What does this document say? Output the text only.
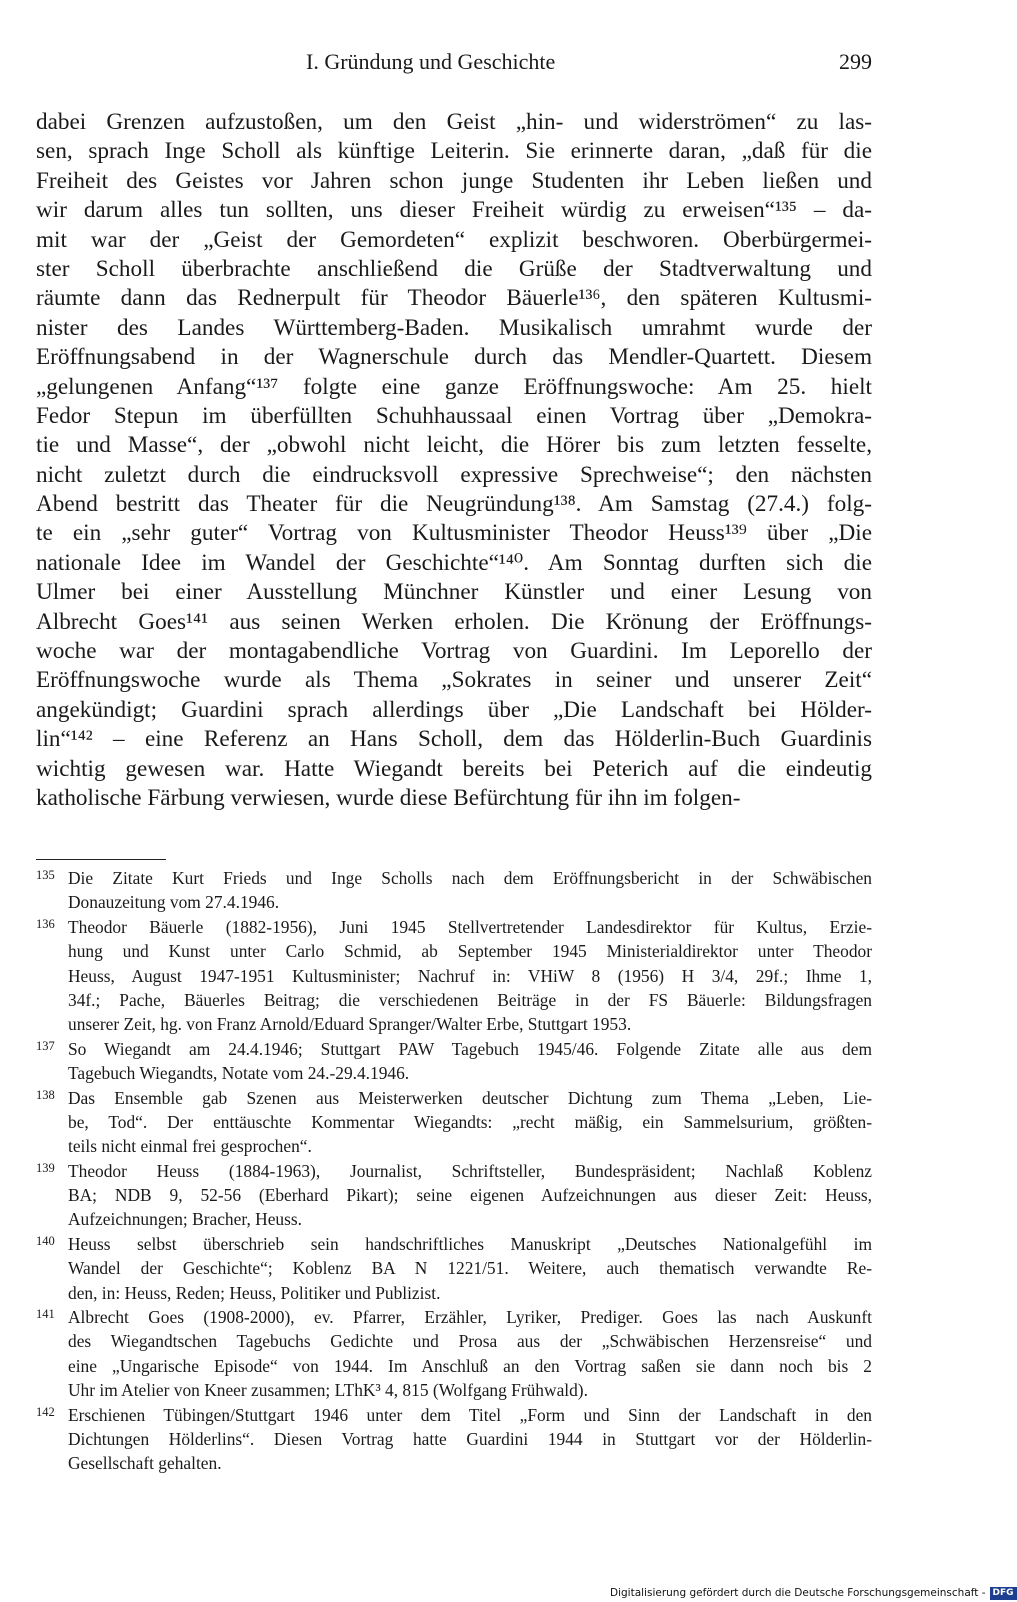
I. Gründung und Geschichte	299
dabei Grenzen aufzustoßen, um den Geist „hin- und widerströmen“ zu las-
sen, sprach Inge Scholl als künftige Leiterin. Sie erinnerte daran, „daß für die
Freiheit des Geistes vor Jahren schon junge Studenten ihr Leben ließen und
wir darum alles tun sollten, uns dieser Freiheit würdig zu erweisen“¹³⁵ – da-
mit war der „Geist der Gemordeten“ explizit beschworen. Oberbürgermei-
ster Scholl überbrachte anschließend die Grüße der Stadtverwaltung und
räumte dann das Rednerpult für Theodor Bäuerle¹³⁶, den späteren Kultusmi-
nister des Landes Württemberg-Baden. Musikalisch umrahmt wurde der
Eröffnungsabend in der Wagnerschule durch das Mendler-Quartett. Diesem
„gelungenen Anfang“¹³⁷ folgte eine ganze Eröffnungswoche: Am 25. hielt
Fedor Stepun im überfüllten Schuhhaussaal einen Vortrag über „Demokra-
tie und Masse“, der „obwohl nicht leicht, die Hörer bis zum letzten fesselte,
nicht zuletzt durch die eindrucksvoll expressive Sprechweise“; den nächsten
Abend bestritt das Theater für die Neugründung¹³⁸. Am Samstag (27.4.) folg-
te ein „sehr guter“ Vortrag von Kultusminister Theodor Heuss¹³⁹ über „Die
nationale Idee im Wandel der Geschichte“¹⁴⁰. Am Sonntag durften sich die
Ulmer bei einer Ausstellung Münchner Künstler und einer Lesung von
Albrecht Goes¹⁴¹ aus seinen Werken erholen. Die Krönung der Eröffnungs-
woche war der montagabendliche Vortrag von Guardini. Im Leporello der
Eröffnungswoche wurde als Thema „Sokrates in seiner und unserer Zeit“
angekündigt; Guardini sprach allerdings über „Die Landschaft bei Hölder-
lin“¹⁴² – eine Referenz an Hans Scholl, dem das Hölderlin-Buch Guardinis
wichtig gewesen war. Hatte Wiegandt bereits bei Peterich auf die eindeutig
katholische Färbung verwiesen, wurde diese Befürchtung für ihn im folgen-
135 Die Zitate Kurt Frieds und Inge Scholls nach dem Eröffnungsbericht in der Schwäbischen
Donauzeitung vom 27.4.1946.
136 Theodor Bäuerle (1882-1956), Juni 1945 Stellvertretender Landesdirektor für Kultus, Erzie-
hung und Kunst unter Carlo Schmid, ab September 1945 Ministerialdirektor unter Theodor
Heuss, August 1947-1951 Kultusminister; Nachruf in: VHiW 8 (1956) H 3/4, 29f.; Ihme 1,
34f.; Pache, Bäuerles Beitrag; die verschiedenen Beiträge in der FS Bäuerle: Bildungsfragen
unserer Zeit, hg. von Franz Arnold/Eduard Spranger/Walter Erbe, Stuttgart 1953.
137 So Wiegandt am 24.4.1946; Stuttgart PAW Tagebuch 1945/46. Folgende Zitate alle aus dem
Tagebuch Wiegandts, Notate vom 24.-29.4.1946.
138 Das Ensemble gab Szenen aus Meisterwerken deutscher Dichtung zum Thema „Leben, Lie-
be, Tod“. Der enttäuschte Kommentar Wiegandts: „recht mäßig, ein Sammelsurium, größten-
teils nicht einmal frei gesprochen“.
139 Theodor Heuss (1884-1963), Journalist, Schriftsteller, Bundespräsident; Nachlaß Koblenz
BA; NDB 9, 52-56 (Eberhard Pikart); seine eigenen Aufzeichnungen aus dieser Zeit: Heuss,
Aufzeichnungen; Bracher, Heuss.
140 Heuss selbst überschrieb sein handschriftliches Manuskript „Deutsches Nationalgefühl im
Wandel der Geschichte“; Koblenz BA N 1221/51. Weitere, auch thematisch verwandte Re-
den, in: Heuss, Reden; Heuss, Politiker und Publizist.
141 Albrecht Goes (1908-2000), ev. Pfarrer, Erzähler, Lyriker, Prediger. Goes las nach Auskunft
des Wiegandtschen Tagebuchs Gedichte und Prosa aus der „Schwäbischen Herzensreise“ und
eine „Ungarische Episode“ von 1944. Im Anschluß an den Vortrag saßen sie dann noch bis 2
Uhr im Atelier von Kneer zusammen; LThK³ 4, 815 (Wolfgang Frühwald).
142 Erschienen Tübingen/Stuttgart 1946 unter dem Titel „Form und Sinn der Landschaft in den
Dichtungen Hölderlins“. Diesen Vortrag hatte Guardini 1944 in Stuttgart vor der Hölderlin-
Gesellschaft gehalten.
Digitalisierung gefördert durch die Deutsche Forschungsgemeinschaft - DFG
